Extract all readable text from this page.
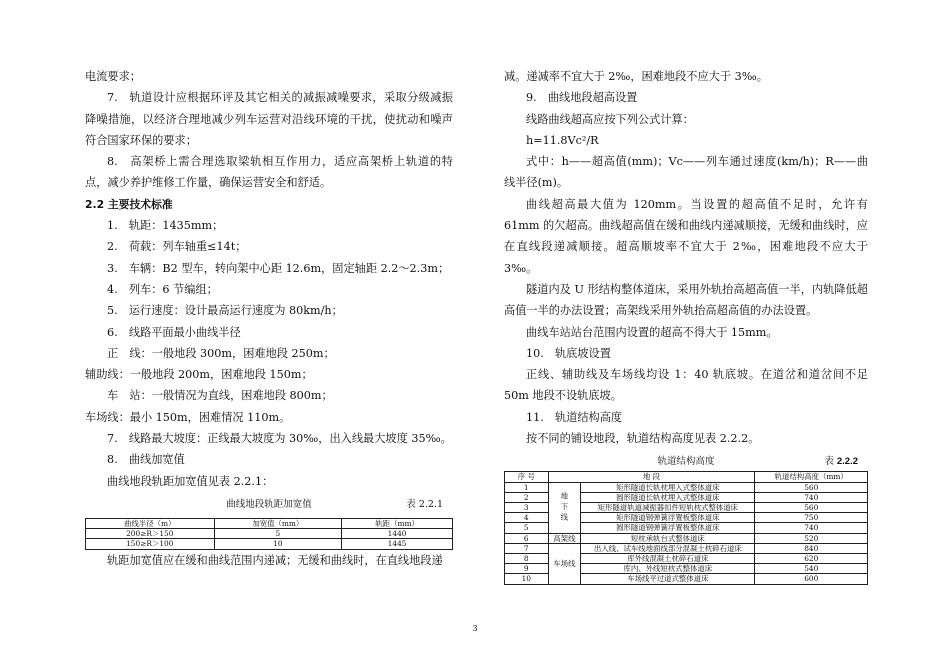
电流要求；

7.　轨道设计应根据环评及其它相关的减振减噪要求，采取分级减振降噪措施，以经济合理地减少列车运营对沿线环境的干扰，使扰动和噪声符合国家环保的要求；

8.　高架桥上需合理选取梁轨相互作用力，适应高架桥上轨道的特点，减少养护维修工作量，确保运营安全和舒适。

2.2 主要技术标准

1.　轨距：1435mm；

2.　荷载：列车轴重≤14t；

3.　车辆：B2 型车，转向架中心距 12.6m，固定轴距 2.2～2.3m；

4.　列车：6 节编组；

5.　运行速度：设计最高运行速度为 80km/h；

6.　线路平面最小曲线半径

正　线：一般地段 300m，困难地段 250m；

辅助线：一般地段 200m，困难地段 150m；

车　站：一般情况为直线，困难地段 800m；

车场线：最小 150m，困难情况 110m。

7.　线路最大坡度：正线最大坡度为 30‰，出入线最大坡度 35‰。

8.　曲线加宽值

曲线地段轨距加宽值见表 2.2.1：

曲线地段轨距加宽值	表 2.2.1
曲线半径（m）	加宽值（mm）	轨距（mm）
200≥R＞150	5	1440
150≥R＞100	10	1445

轨距加宽值应在缓和曲线范围内递减；无缓和曲线时，在直线地段递

减。递减率不宜大于 2‰，困难地段不应大于 3‰。

9.　曲线地段超高设置

线路曲线超高应按下列公式计算：

h=11.8Vc²/R

式中：h——超高值(mm)；Vc——列车通过速度(km/h)；R——曲线半径(m)。

曲线超高最大值为 120mm。当设置的超高值不足时，允许有 61mm 的欠超高。曲线超高值在缓和曲线内递减顺接，无缓和曲线时，应在直线段递减顺接。超高顺坡率不宜大于 2‰，困难地段不应大于 3‰。

隧道内及 U 形结构整体道床，采用外轨抬高超高值一半，内轨降低超高值一半的办法设置；高架线采用外轨抬高超高值的办法设置。

曲线车站站台范围内设置的超高不得大于 15mm。

10.　轨底坡设置

正线、辅助线及车场线均设 1：40 轨底坡。在道岔和道岔间不足 50m 地段不设轨底坡。

11.　轨道结构高度

按不同的铺设地段，轨道结构高度见表 2.2.2。

轨道结构高度	表 2.2.2
序 号	地 段		轨道结构高度（mm）
1	地下线	矩形隧道长轨枕埋入式整体道床	560
2		圆形隧道长轨枕埋入式整体道床	740
3		矩形隧道轨道减振器扣件短轨枕式整体道床	560
4		矩形隧道钢弹簧浮置板整体道床	750
5		圆形隧道钢弹簧浮置板整体道床	740
6	高架线	短枕承轨台式整体道床	520
7	车场线	出入线、试车线地面线部分混凝土枕碎石道床	840
8		库外线混凝土枕碎石道床	620
9		库内、外线短枕式整体道床	540
10		车场线平过道式整体道床	600
3
